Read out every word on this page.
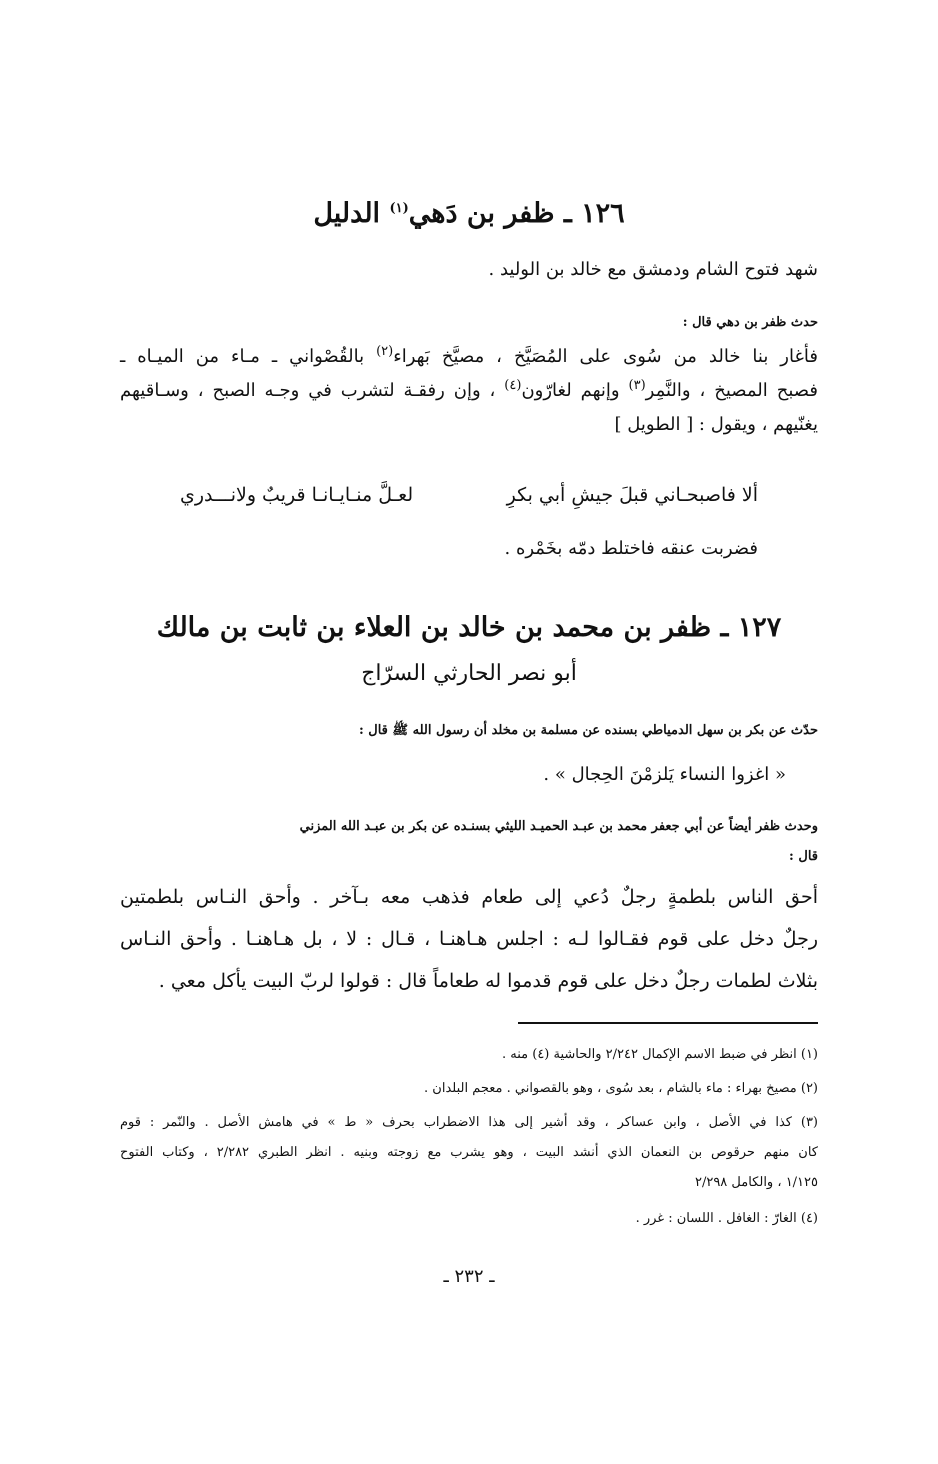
١٢٦ ـ ظفر بن دَهي$^{(١)}$ الدليل
شهد فتوح الشام ودمشق مع خالد بن الوليد .
حدث ظفر بن دهي قال :
فأغار بنا خالد من سُوى على المُصَيَّخ ، مصيَّخ بَهراء$^{(٢)}$ بالقُصْواني ـ مـاء من الميـاه ـ
فصبح المصيخ ، والنَّمِر$^{(٣)}$ وإنهم لغارّون$^{(٤)}$ ، وإن رفقـة لتشرب في وجـه الصبح ، وسـاقيهم
يغنّيهم ، ويقول : [ الطويل ]
ألا فاصبحـاني قبلَ جيشِ أبي بكرِ
لعـلَّ منـايـانـا قريبٌ ولانـــدري
فضربت عنقه فاختلط دمّه بخَمْره .
١٢٧ ـ ظفر بن محمد بن خالد بن العلاء بن ثابت بن مالك
أبو نصر الحارثي السرّاج
حدّث عن بكر بن سهل الدمياطي بسنده عن مسلمة بن مخلد أن رسول الله ﷺ قال :
« اغزوا النساء يَلزمْنَ الحِجال » .
وحدث ظفر أيضاً عن أبي جعفر محمد بن عبـد الحميـد الليثي بسنـده عن بكر بن عبـد الله المزني
قال :
أحق الناس بلطمةٍ رجلٌ دُعي إلى طعام فذهب معه بـآخر . وأحق النـاس بلطمتين
رجلٌ دخل على قوم فقـالوا لـه : اجلس هـاهنـا ، قـال : لا ، بل هـاهنـا . وأحق النـاس
بثلاث لطمات رجلٌ دخل على قوم قدموا له طعاماً قال : قولوا لربّ البيت يأكل معي .
(١) انظر في ضبط الاسم الإكمال ٢/٢٤٢ والحاشية (٤) منه .
(٢) مصيخ بهراء : ماء بالشام ، بعد سُوى ، وهو بالقصواني . معجم البلدان .
(٣) كذا في الأصل ، وابن عساكر ، وقد أشير إلى هذا الاضطراب بحرف « ط » في هامش الأصل . والنّمر : قوم
كان منهم حرقوص بن النعمان الذي أنشد البيت ، وهو يشرب مع زوجته وبنيه . انظر الطبري ٢/٢٨٢ ، وكتاب الفتوح
١/١٢٥ ، والكامل ٢/٢٩٨
(٤) الغارّ : الغافل . اللسان : غرر .
ـ ٢٣٢ ـ
